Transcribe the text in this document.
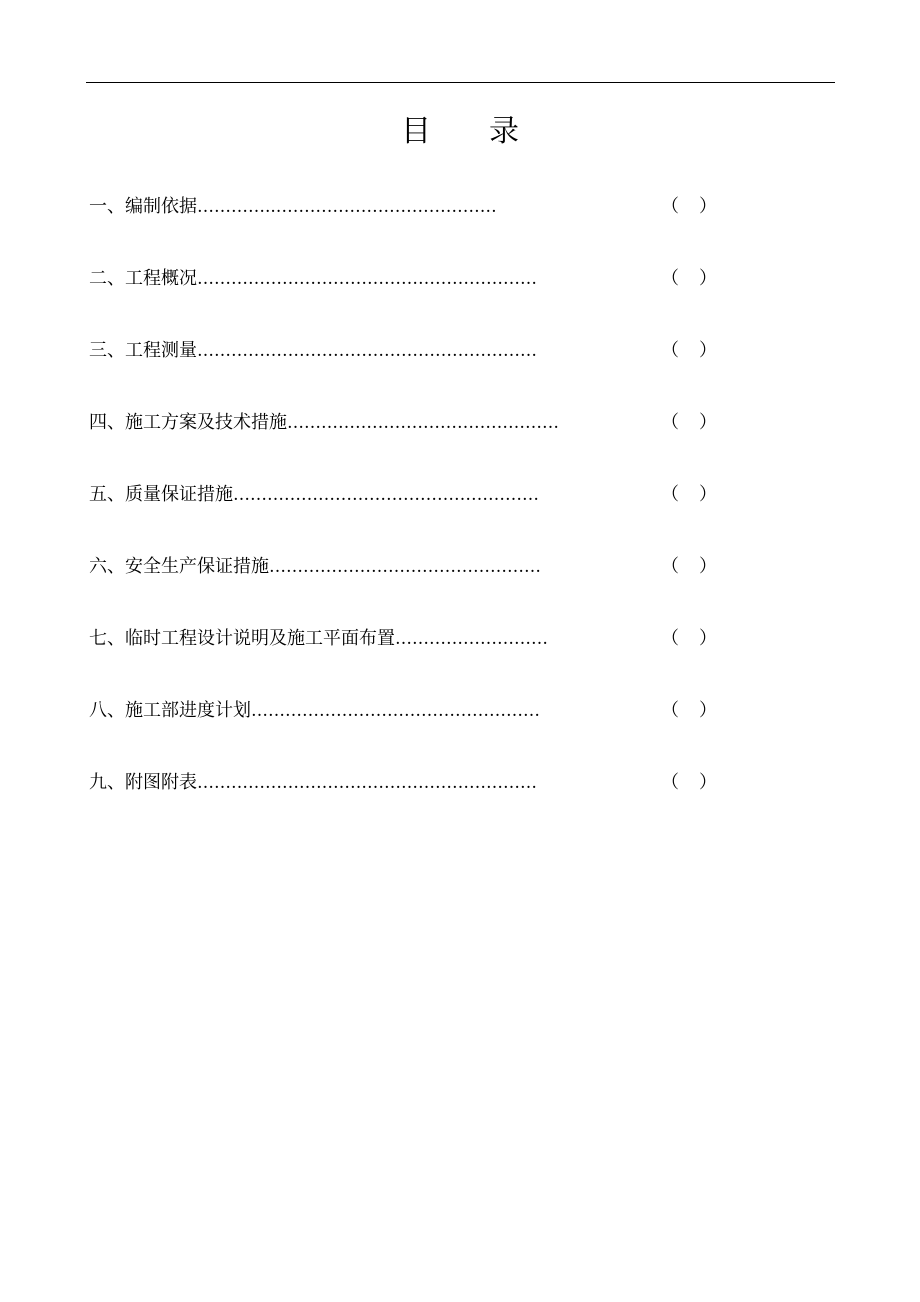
目 录
一、 编制依据 …………..…………………………………	（ ）
二、 工程概况 ……………………………………………………	（ ）
三、 工程测量 ……………………………………………………	（ ）
四、 施工方案及技术措施 …………………………………………	（ ）
五、 质量保证措施 ………………………………………………	（ ）
六、 安全生产保证措施 …………………………………………	（ ）
七、 临时工程设计说明及施工平面布置 ………………………	（ ）
八、 施工部进度计划 ……………………………………………	（ ）
九、 附图附表 ……………………………………………………	（ ）
